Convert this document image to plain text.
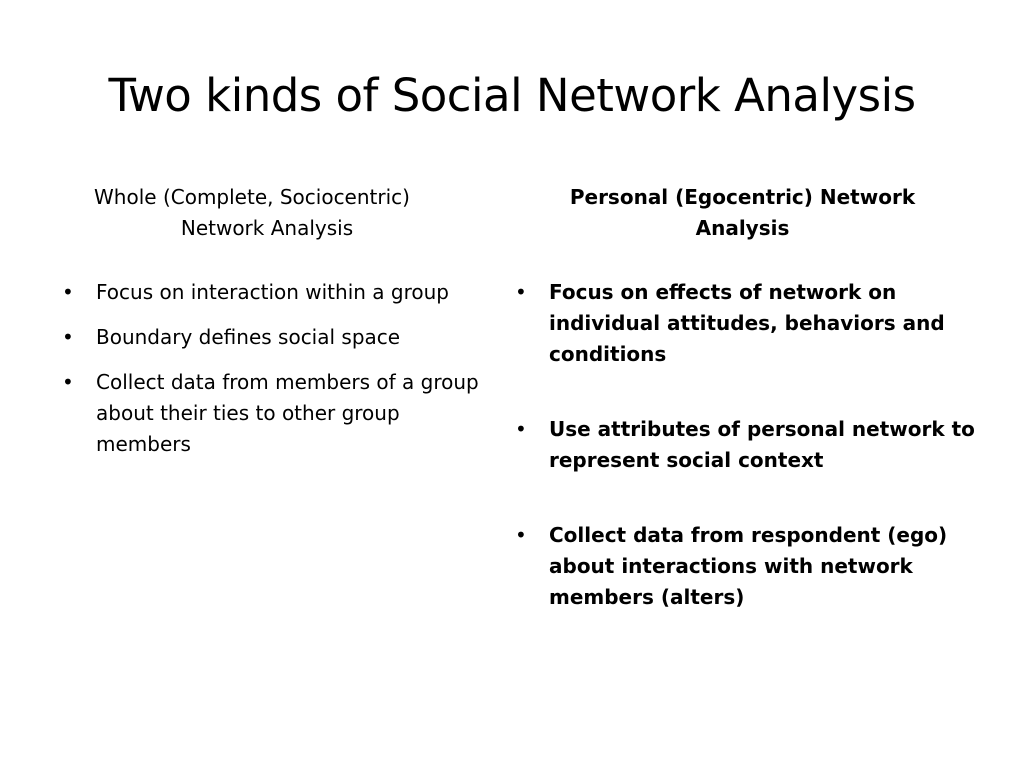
Two kinds of Social Network Analysis
Whole (Complete, Sociocentric)
Network Analysis
• Focus on interaction within a group
• Boundary defines social space
• Collect data from members of a group about their ties to other group members
Personal (Egocentric) Network
Analysis
• Focus on effects of network on individual attitudes, behaviors and conditions
• Use attributes of personal network to represent social context
• Collect data from respondent (ego) about interactions with network members (alters)
